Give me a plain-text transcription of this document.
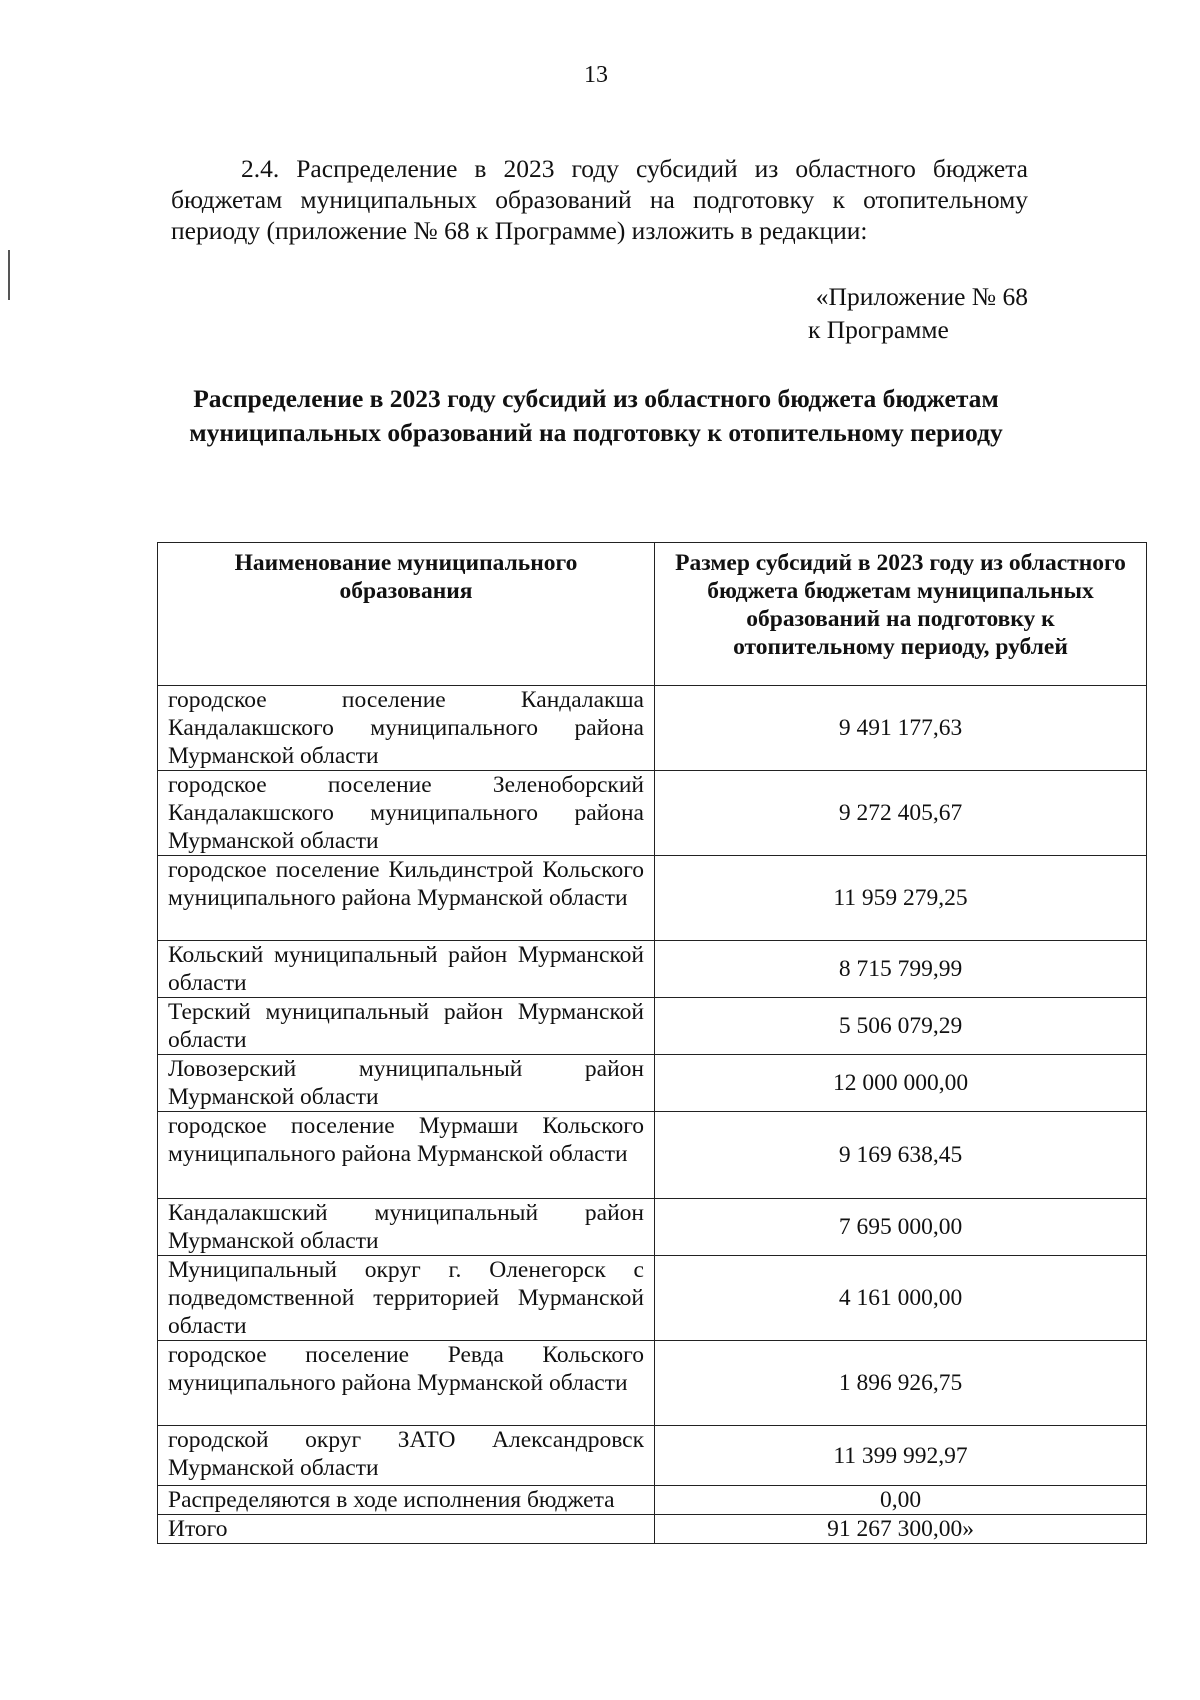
13
2.4. Распределение в 2023 году субсидий из областного бюджета бюджетам муниципальных образований на подготовку к отопительному периоду (приложение № 68 к Программе) изложить в редакции:
«Приложение № 68
к Программе
Распределение в 2023 году субсидий из областного бюджета бюджетам муниципальных образований на подготовку к отопительному периоду
Наименование муниципального образования	Размер субсидий в 2023 году из областного бюджета бюджетам муниципальных образований на подготовку к отопительному периоду, рублей
городское поселение Кандалакша Кандалакшского муниципального района Мурманской области	9 491 177,63
городское поселение Зеленоборский Кандалакшского муниципального района Мурманской области	9 272 405,67
городское поселение Кильдинстрой Кольского муниципального района Мурманской области	11 959 279,25
Кольский муниципальный район Мурманской области	8 715 799,99
Терский муниципальный район Мурманской области	5 506 079,29
Ловозерский муниципальный район Мурманской области	12 000 000,00
городское поселение Мурмаши Кольского муниципального района Мурманской области	9 169 638,45
Кандалакшский муниципальный район Мурманской области	7 695 000,00
Муниципальный округ г. Оленегорск с подведомственной территорией Мурманской области	4 161 000,00
городское поселение Ревда Кольского муниципального района Мурманской области	1 896 926,75
городской округ ЗАТО Александровск Мурманской области	11 399 992,97
Распределяются в ходе исполнения бюджета	0,00
Итого	91 267 300,00»
